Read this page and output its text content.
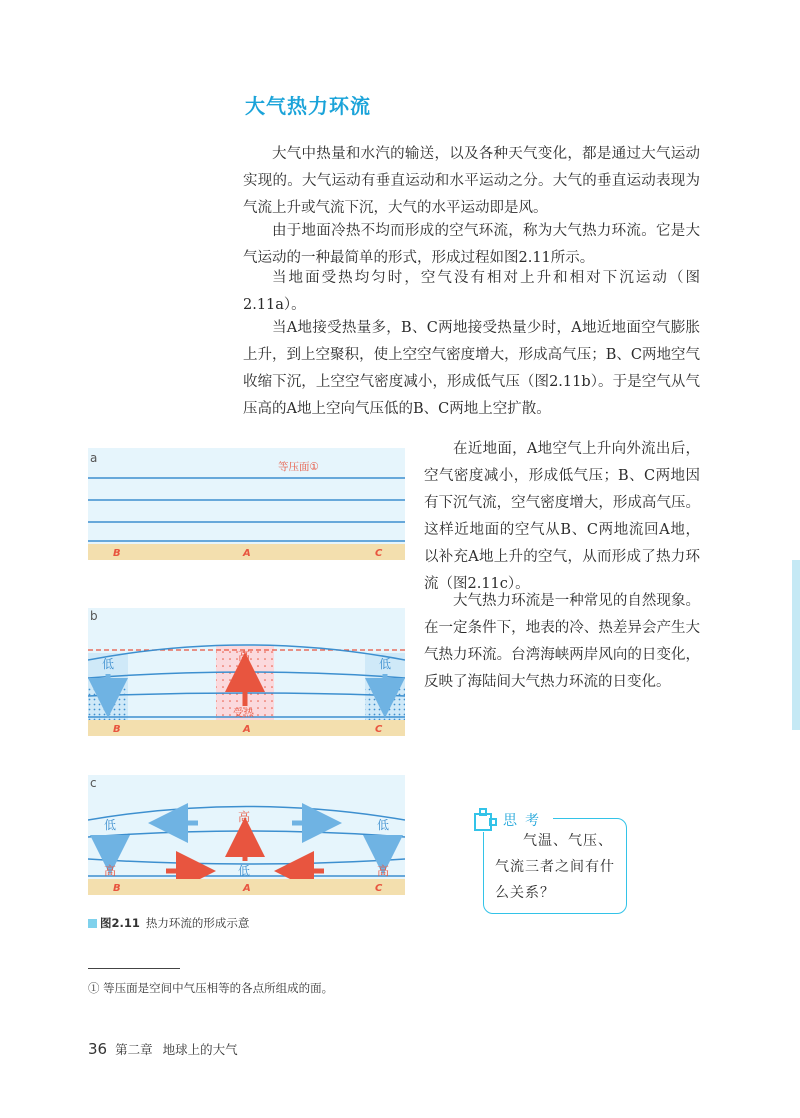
大气热力环流

大气中热量和水汽的输送，以及各种天气变化，都是通过大气运动实现的。大气运动有垂直运动和水平运动之分。大气的垂直运动表现为气流上升或气流下沉，大气的水平运动即是风。

由于地面冷热不均而形成的空气环流，称为大气热力环流。它是大气运动的一种最简单的形式，形成过程如图2.11所示。

当地面受热均匀时，空气没有相对上升和相对下沉运动（图2.11a）。

当A地接受热量多，B、C两地接受热量少时，A地近地面空气膨胀上升，到上空聚积，使上空空气密度增大，形成高气压；B、C两地空气收缩下沉，上空空气密度减小，形成低气压（图2.11b）。于是空气从气压高的A地上空向气压低的B、C两地上空扩散。

在近地面，A地空气上升向外流出后，空气密度减小，形成低气压；B、C两地因有下沉气流，空气密度增大，形成高气压。这样近地面的空气从B、C两地流回A地，以补充A地上升的空气，从而形成了热力环流（图2.11c）。

大气热力环流是一种常见的自然现象。在一定条件下，地表的冷、热差异会产生大气热力环流。台湾海峡两岸风向的日变化，反映了海陆间大气热力环流的日变化。

a
等压面①
B	A	C
b
低
高
低
受热
B	A	C
c
低
高
低
高	低	高
B	A	C

图2.11 热力环流的形成示意

思考

气温、气压、气流三者之间有什么关系？

① 等压面是空间中气压相等的各点所组成的面。

36 第二章 地球上的大气
